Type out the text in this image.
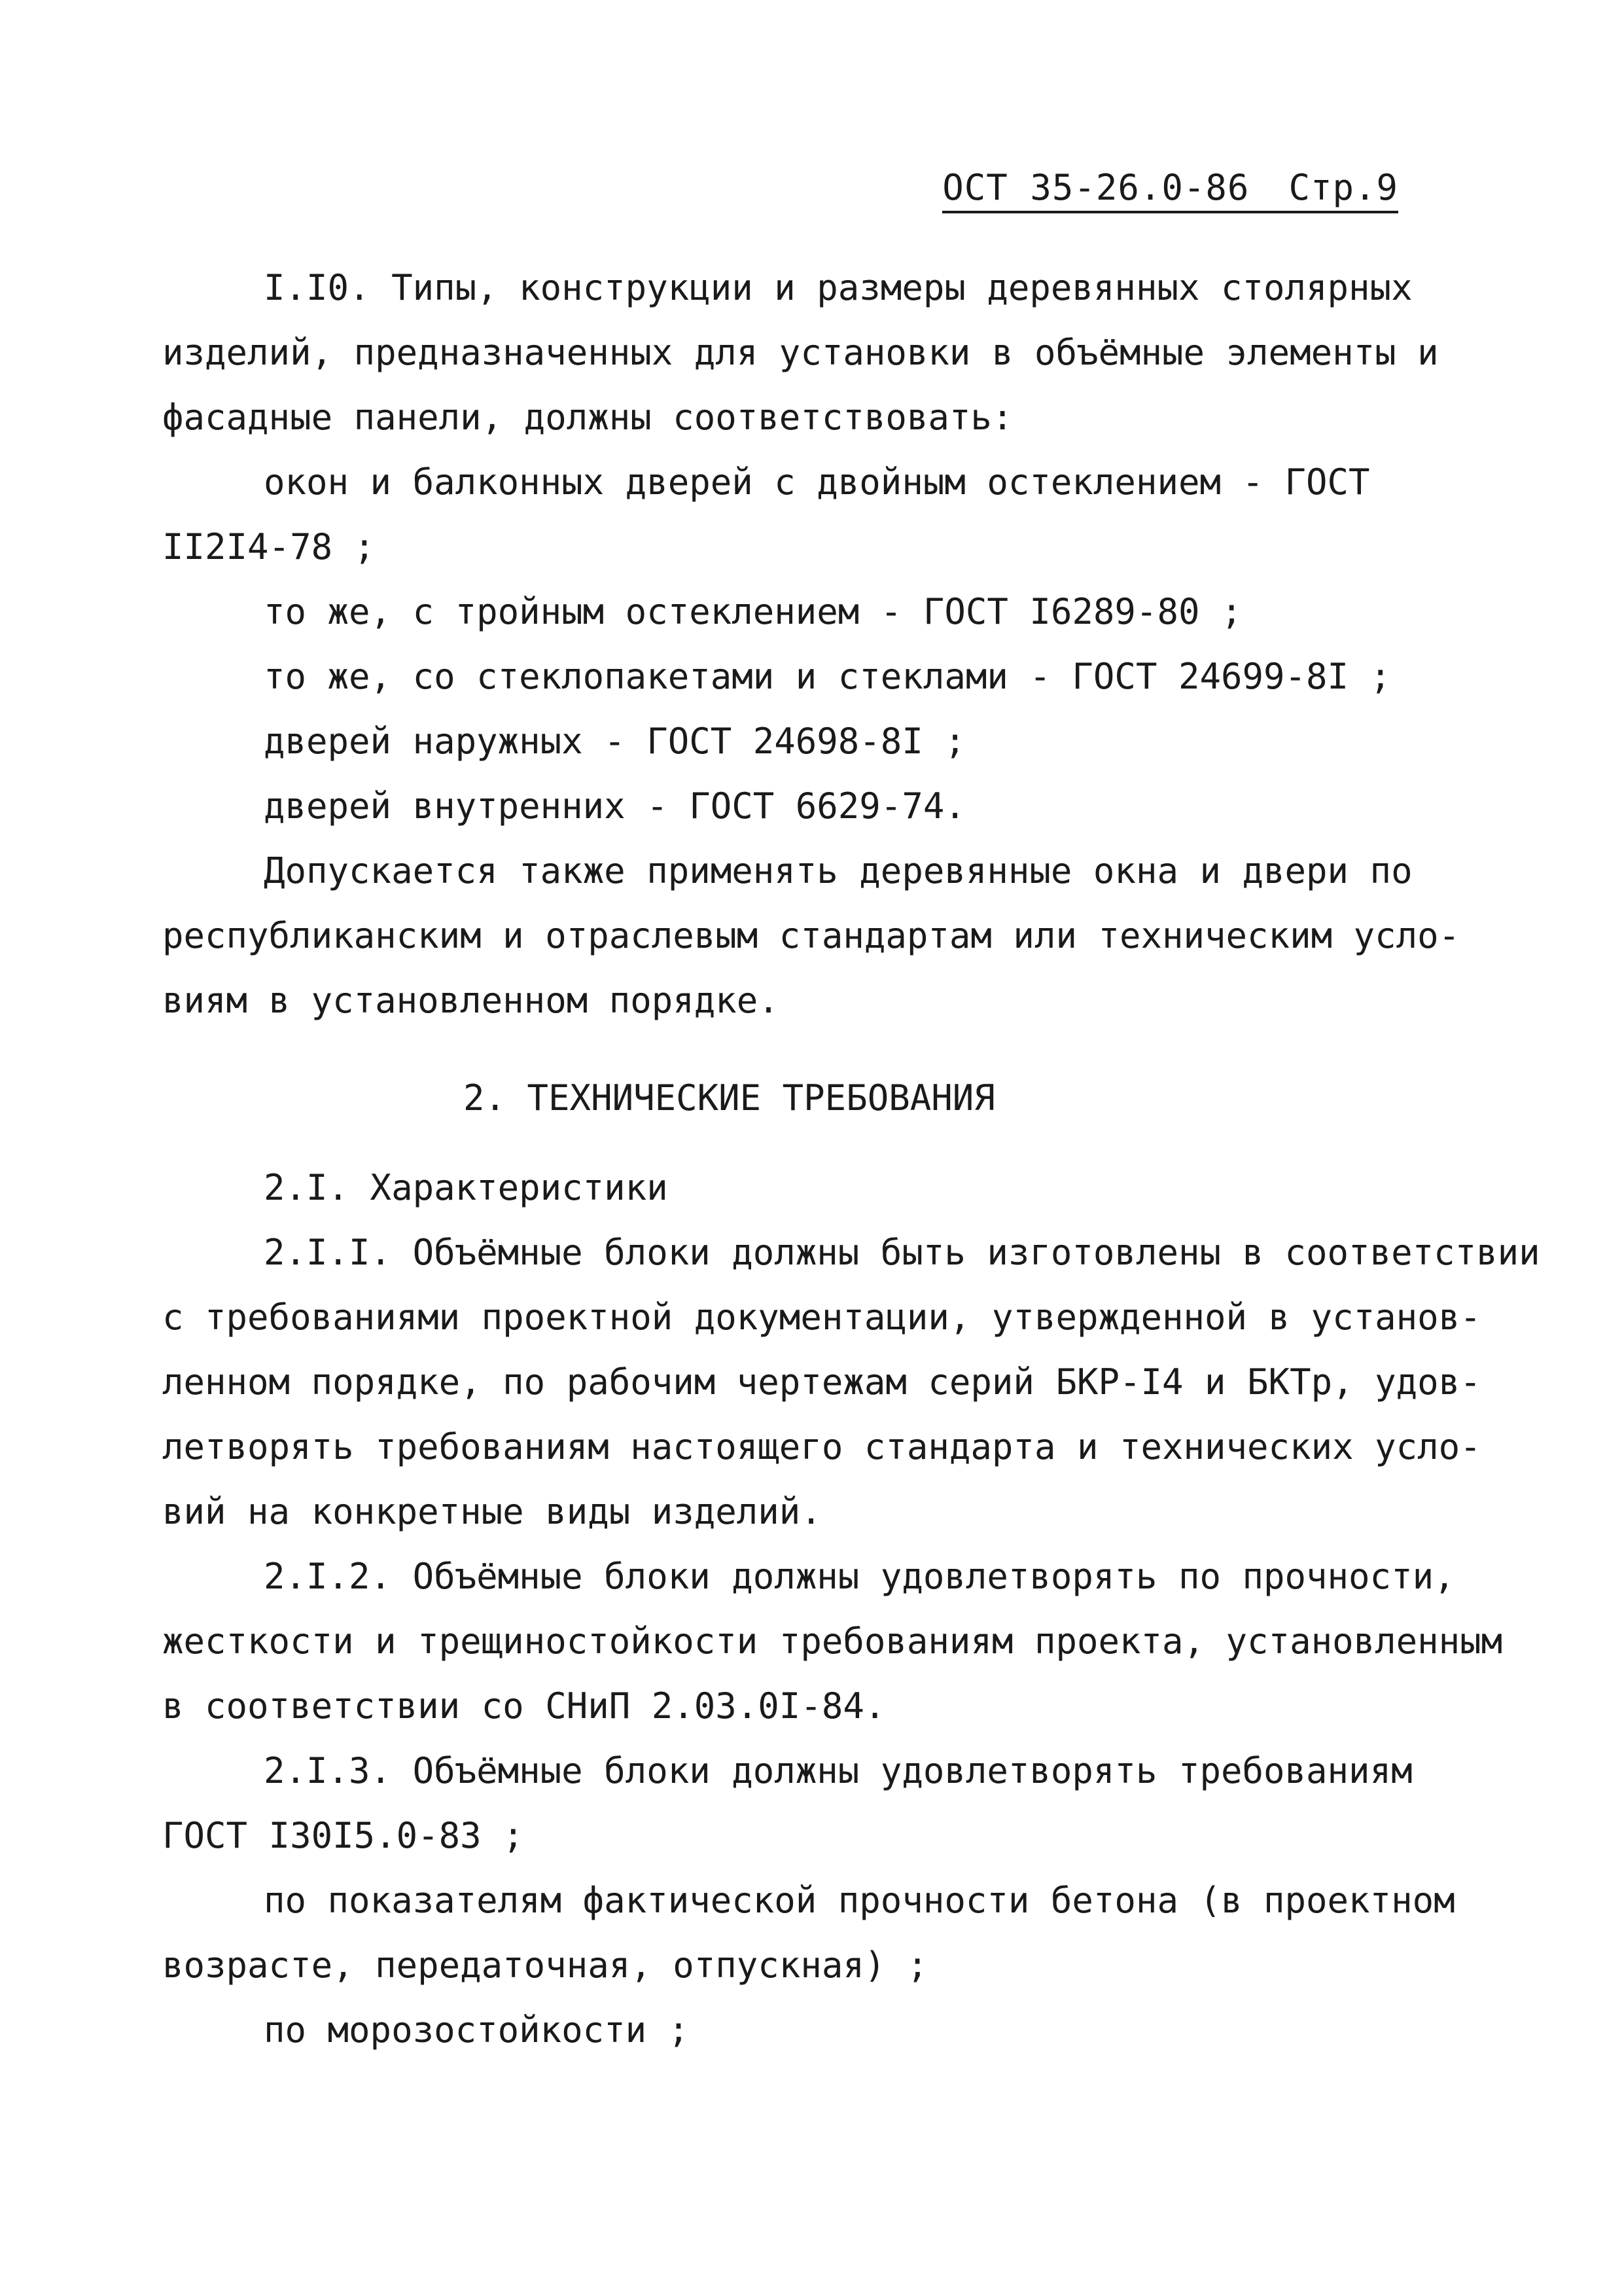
ОСТ 35-26.0-86 Стр.9

I.I0. Типы, конструкции и размеры деревянных столярных

изделий, предназначенных для установки в объёмные элементы и

фасадные панели, должны соответствовать:

окон и балконных дверей с двойным остеклением - ГОСТ

II2I4-78 ;

то же, с тройным остеклением - ГОСТ I6289-80 ;

то же, со стеклопакетами и стеклами - ГОСТ 24699-8I ;

дверей наружных - ГОСТ 24698-8I ;

дверей внутренних - ГОСТ 6629-74.

Допускается также применять деревянные окна и двери по

республиканским и отраслевым стандартам или техническим усло-

виям в установленном порядке.

2. ТЕХНИЧЕСКИЕ ТРЕБОВАНИЯ

2.I. Характеристики

2.I.I. Объёмные блоки должны быть изготовлены в соответствии

с требованиями проектной документации, утвержденной в установ-

ленном порядке, по рабочим чертежам серий БКР-I4 и БКТр, удов-

летворять требованиям настоящего стандарта и технических усло-

вий на конкретные виды изделий.

2.I.2. Объёмные блоки должны удовлетворять по прочности,

жесткости и трещиностойкости требованиям проекта, установленным

в соответствии со СНиП 2.03.0I-84.

2.I.3. Объёмные блоки должны удовлетворять требованиям

ГОСТ I30I5.0-83 ;

по показателям фактической прочности бетона (в проектном

возрасте, передаточная, отпускная) ;

по морозостойкости ;
